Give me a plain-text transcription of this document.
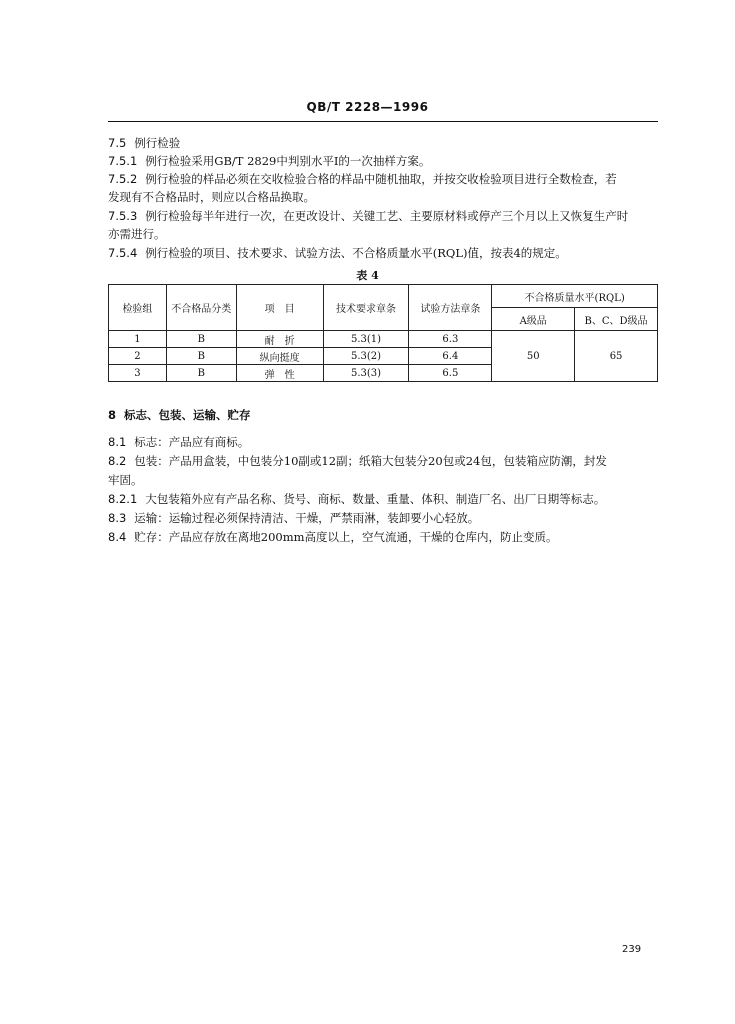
QB/T 2228—1996
7.5 例行检验
7.5.1 例行检验采用GB/T 2829中判别水平Ⅰ的一次抽样方案。
7.5.2 例行检验的样品必须在交收检验合格的样品中随机抽取，并按交收检验项目进行全数检查，若
发现有不合格品时，则应以合格品换取。
7.5.3 例行检验每半年进行一次，在更改设计、关键工艺、主要原材料或停产三个月以上又恢复生产时
亦需进行。
7.5.4 例行检验的项目、技术要求、试验方法、不合格质量水平(RQL)值，按表4的规定。
表 4
检验组	不合格品分类	项　目	技术要求章条	试验方法章条	不合格质量水平(RQL)	
					A级品	B、C、D级品
1	B	耐　折	5.3(1)	6.3	50	65
2	B	纵向挺度	5.3(2)	6.4		
3	B	弹　性	5.3(3)	6.5		
8 标志、包装、运输、贮存
8.1 标志：产品应有商标。
8.2 包装：产品用盒装，中包装分10副或12副；纸箱大包装分20包或24包，包装箱应防潮，封发
牢固。
8.2.1 大包装箱外应有产品名称、货号、商标、数量、重量、体积、制造厂名、出厂日期等标志。
8.3 运输：运输过程必须保持清洁、干燥，严禁雨淋，装卸要小心轻放。
8.4 贮存：产品应存放在离地200mm高度以上，空气流通，干燥的仓库内，防止变质。
239
